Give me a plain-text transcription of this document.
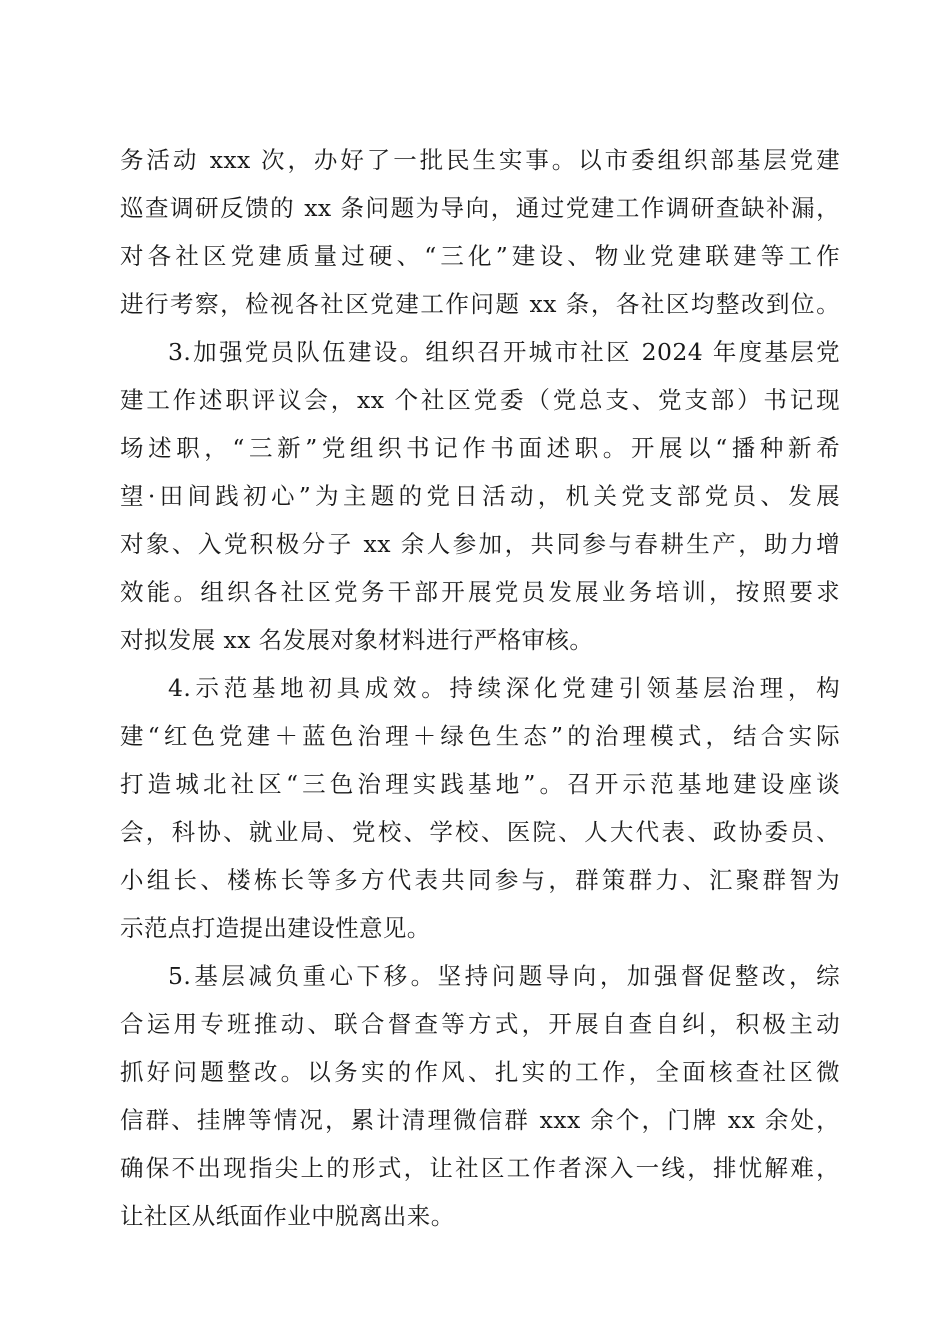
务活动 xxx 次，办好了一批民生实事。以市委组织部基层党建
巡查调研反馈的 xx 条问题为导向，通过党建工作调研查缺补漏，
对各社区党建质量过硬、“三化”建设、物业党建联建等工作
进行考察，检视各社区党建工作问题 xx 条，各社区均整改到位。
3.加强党员队伍建设。组织召开城市社区 2024 年度基层党
建工作述职评议会，xx 个社区党委（党总支、党支部）书记现
场述职，“三新”党组织书记作书面述职。开展以“播种新希
望·田间践初心”为主题的党日活动，机关党支部党员、发展
对象、入党积极分子 xx 余人参加，共同参与春耕生产，助力增
效能。组织各社区党务干部开展党员发展业务培训，按照要求
对拟发展 xx 名发展对象材料进行严格审核。
4.示范基地初具成效。持续深化党建引领基层治理，构
建“红色党建＋蓝色治理＋绿色生态”的治理模式，结合实际
打造城北社区“三色治理实践基地”。召开示范基地建设座谈
会，科协、就业局、党校、学校、医院、人大代表、政协委员、
小组长、楼栋长等多方代表共同参与，群策群力、汇聚群智为
示范点打造提出建设性意见。
5.基层减负重心下移。坚持问题导向，加强督促整改，综
合运用专班推动、联合督查等方式，开展自查自纠，积极主动
抓好问题整改。以务实的作风、扎实的工作，全面核查社区微
信群、挂牌等情况，累计清理微信群 xxx 余个，门牌 xx 余处，
确保不出现指尖上的形式，让社区工作者深入一线，排忧解难，
让社区从纸面作业中脱离出来。
